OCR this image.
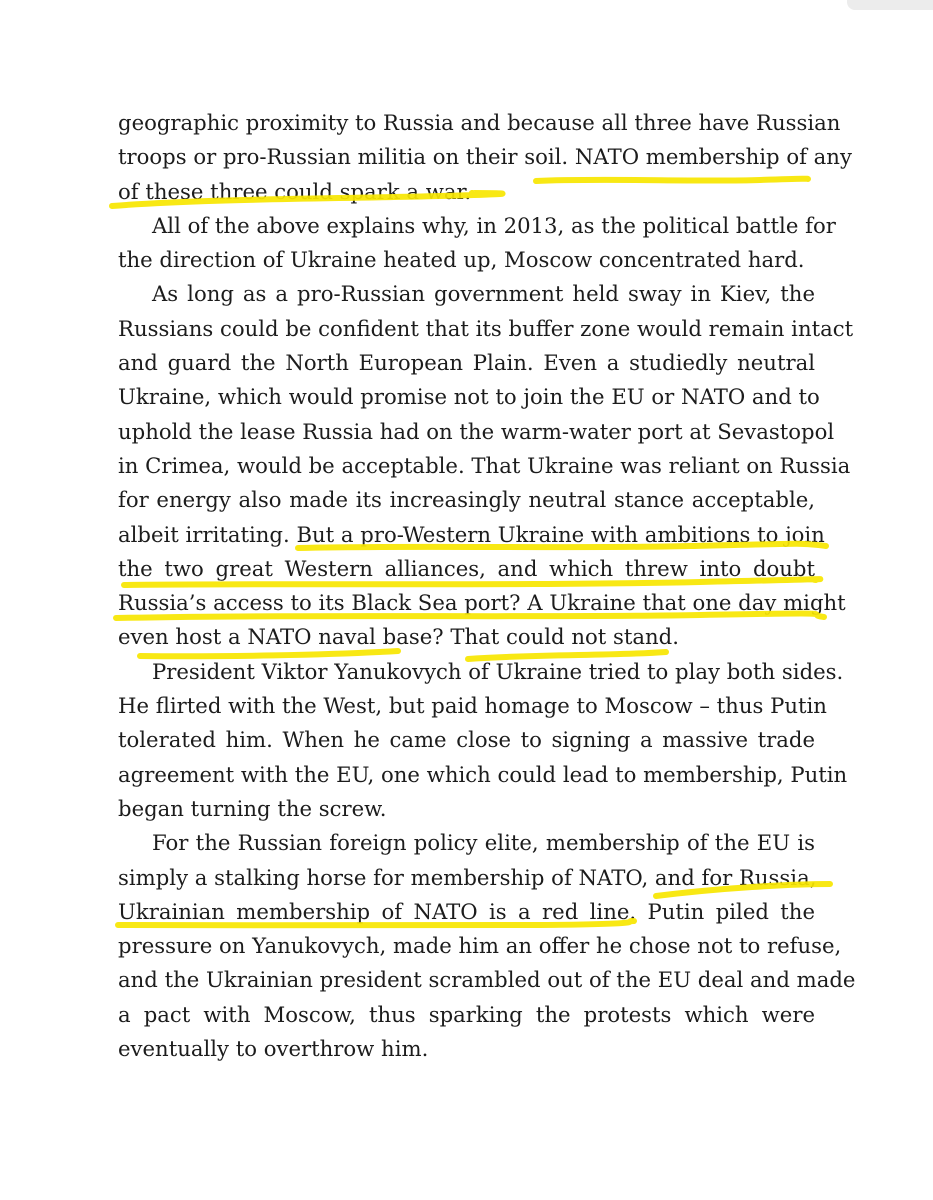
geographic proximity to Russia and because all three have Russian
troops or pro-Russian militia on their soil. NATO membership of any
of these three could spark a war.
All of the above explains why, in 2013, as the political battle for
the direction of Ukraine heated up, Moscow concentrated hard.
As long as a pro-Russian government held sway in Kiev, the
Russians could be confident that its buffer zone would remain intact
and guard the North European Plain. Even a studiedly neutral
Ukraine, which would promise not to join the EU or NATO and to
uphold the lease Russia had on the warm-water port at Sevastopol
in Crimea, would be acceptable. That Ukraine was reliant on Russia
for energy also made its increasingly neutral stance acceptable,
albeit irritating. But a pro-Western Ukraine with ambitions to join
the two great Western alliances, and which threw into doubt
Russia’s access to its Black Sea port? A Ukraine that one day might
even host a NATO naval base? That could not stand.
President Viktor Yanukovych of Ukraine tried to play both sides.
He flirted with the West, but paid homage to Moscow – thus Putin
tolerated him. When he came close to signing a massive trade
agreement with the EU, one which could lead to membership, Putin
began turning the screw.
For the Russian foreign policy elite, membership of the EU is
simply a stalking horse for membership of NATO, and for Russia,
Ukrainian membership of NATO is a red line. Putin piled the
pressure on Yanukovych, made him an offer he chose not to refuse,
and the Ukrainian president scrambled out of the EU deal and made
a pact with Moscow, thus sparking the protests which were
eventually to overthrow him.
